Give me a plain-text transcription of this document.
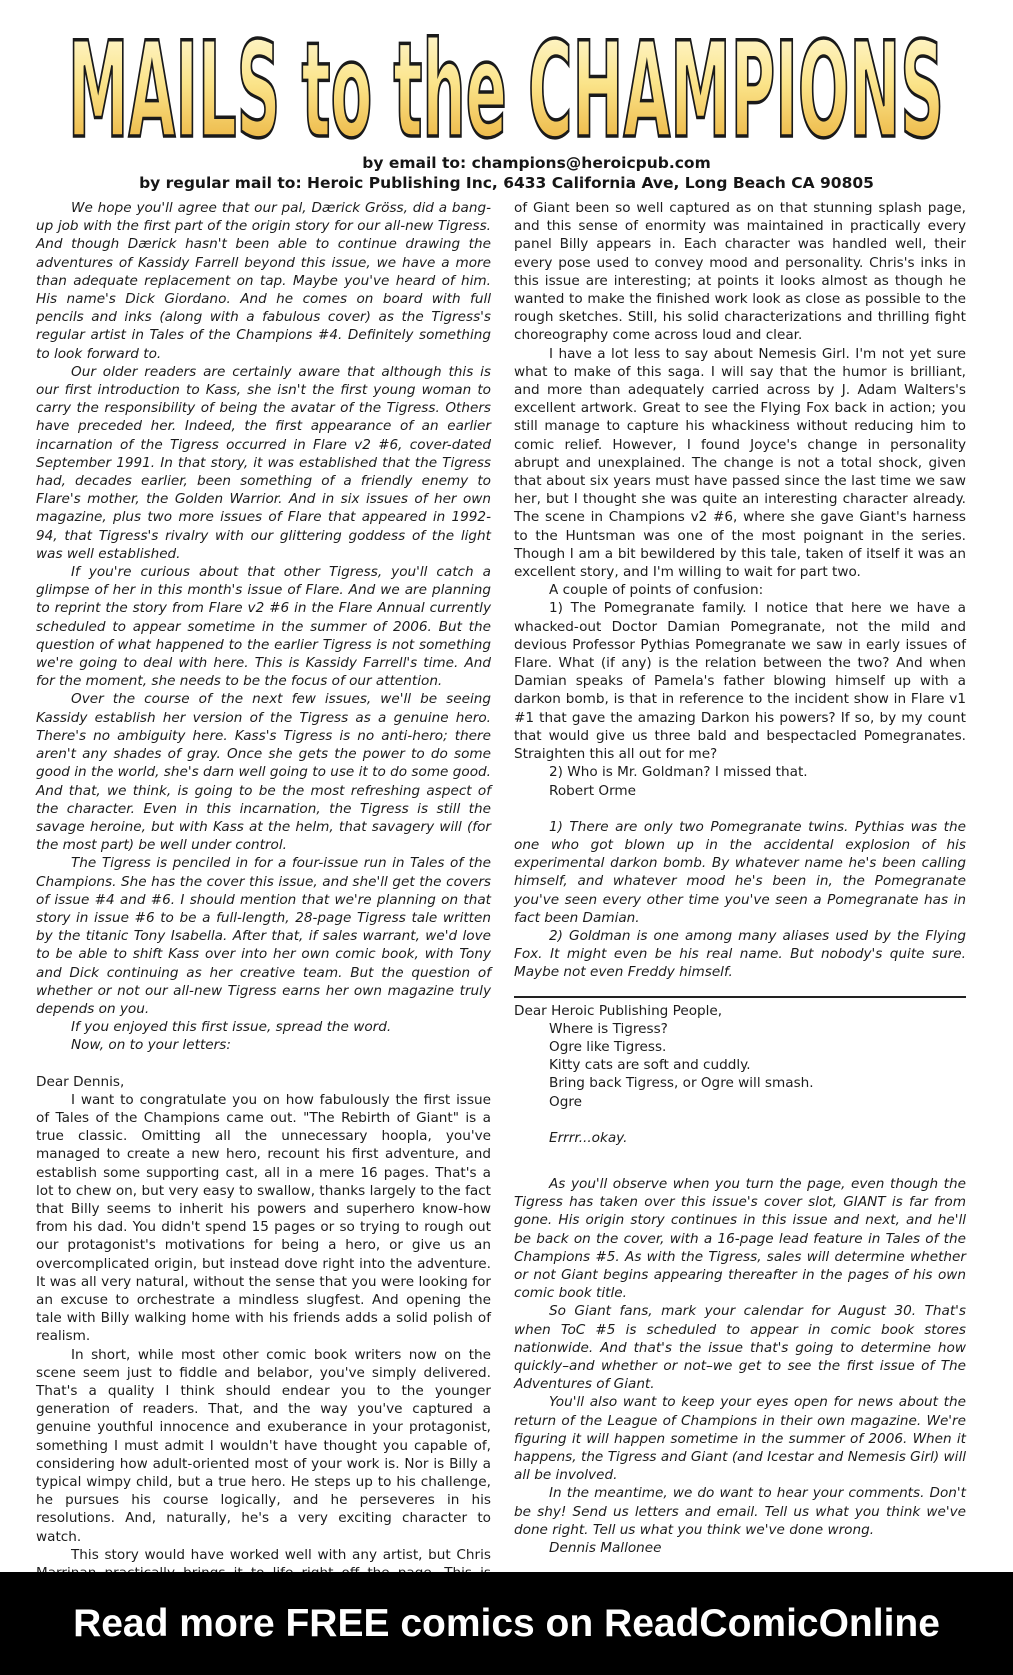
MAILS to the CHAMPIONS
by email to: champions@heroicpub.com
by regular mail to: Heroic Publishing Inc, 6433 California Ave, Long Beach CA 90805

We hope you'll agree that our pal, Dærick Gröss, did a bang-up job with the first part of the origin story for our all-new Tigress. And though Dærick hasn't been able to continue drawing the adventures of Kassidy Farrell beyond this issue, we have a more than adequate replacement on tap. Maybe you've heard of him. His name's Dick Giordano. And he comes on board with full pencils and inks (along with a fabulous cover) as the Tigress's regular artist in Tales of the Champions #4. Definitely something to look forward to.

Our older readers are certainly aware that although this is our first introduction to Kass, she isn't the first young woman to carry the responsibility of being the avatar of the Tigress. Others have preceded her. Indeed, the first appearance of an earlier incarnation of the Tigress occurred in Flare v2 #6, cover-dated September 1991. In that story, it was established that the Tigress had, decades earlier, been something of a friendly enemy to Flare's mother, the Golden Warrior. And in six issues of her own magazine, plus two more issues of Flare that appeared in 1992-94, that Tigress's rivalry with our glittering goddess of the light was well established.

If you're curious about that other Tigress, you'll catch a glimpse of her in this month's issue of Flare. And we are planning to reprint the story from Flare v2 #6 in the Flare Annual currently scheduled to appear sometime in the summer of 2006. But the question of what happened to the earlier Tigress is not something we're going to deal with here. This is Kassidy Farrell's time. And for the moment, she needs to be the focus of our attention.

Over the course of the next few issues, we'll be seeing Kassidy establish her version of the Tigress as a genuine hero. There's no ambiguity here. Kass's Tigress is no anti-hero; there aren't any shades of gray. Once she gets the power to do some good in the world, she's darn well going to use it to do some good. And that, we think, is going to be the most refreshing aspect of the character. Even in this incarnation, the Tigress is still the savage heroine, but with Kass at the helm, that savagery will (for the most part) be well under control.

The Tigress is penciled in for a four-issue run in Tales of the Champions. She has the cover this issue, and she'll get the covers of issue #4 and #6. I should mention that we're planning on that story in issue #6 to be a full-length, 28-page Tigress tale written by the titanic Tony Isabella. After that, if sales warrant, we'd love to be able to shift Kass over into her own comic book, with Tony and Dick continuing as her creative team. But the question of whether or not our all-new Tigress earns her own magazine truly depends on you.

If you enjoyed this first issue, spread the word.

Now, on to your letters:

Dear Dennis,

I want to congratulate you on how fabulously the first issue of Tales of the Champions came out. "The Rebirth of Giant" is a true classic. Omitting all the unnecessary hoopla, you've managed to create a new hero, recount his first adventure, and establish some supporting cast, all in a mere 16 pages. That's a lot to chew on, but very easy to swallow, thanks largely to the fact that Billy seems to inherit his powers and superhero know-how from his dad. You didn't spend 15 pages or so trying to rough out our protagonist's motivations for being a hero, or give us an overcomplicated origin, but instead dove right into the adventure. It was all very natural, without the sense that you were looking for an excuse to orchestrate a mindless slugfest. And opening the tale with Billy walking home with his friends adds a solid polish of realism.

In short, while most other comic book writers now on the scene seem just to fiddle and belabor, you've simply delivered. That's a quality I think should endear you to the younger generation of readers. That, and the way you've captured a genuine youthful innocence and exuberance in your protagonist, something I must admit I wouldn't have thought you capable of, considering how adult-oriented most of your work is. Nor is Billy a typical wimpy child, but a true hero. He steps up to his challenge, he pursues his course logically, and he perseveres in his resolutions. And, naturally, he's a very exciting character to watch.

This story would have worked well with any artist, but Chris

of Giant been so well captured as on that stunning splash page, and this sense of enormity was maintained in practically every panel Billy appears in. Each character was handled well, their every pose used to convey mood and personality. Chris's inks in this issue are interesting; at points it looks almost as though he wanted to make the finished work look as close as possible to the rough sketches. Still, his solid characterizations and thrilling fight choreography come across loud and clear.

I have a lot less to say about Nemesis Girl. I'm not yet sure what to make of this saga. I will say that the humor is brilliant, and more than adequately carried across by J. Adam Walters's excellent artwork. Great to see the Flying Fox back in action; you still manage to capture his whackiness without reducing him to comic relief. However, I found Joyce's change in personality abrupt and unexplained. The change is not a total shock, given that about six years must have passed since the last time we saw her, but I thought she was quite an interesting character already. The scene in Champions v2 #6, where she gave Giant's harness to the Huntsman was one of the most poignant in the series. Though I am a bit bewildered by this tale, taken of itself it was an excellent story, and I'm willing to wait for part two.

A couple of points of confusion:

1) The Pomegranate family. I notice that here we have a whacked-out Doctor Damian Pomegranate, not the mild and devious Professor Pythias Pomegranate we saw in early issues of Flare. What (if any) is the relation between the two? And when Damian speaks of Pamela's father blowing himself up with a darkon bomb, is that in reference to the incident show in Flare v1 #1 that gave the amazing Darkon his powers? If so, by my count that would give us three bald and bespectacled Pomegranates. Straighten this all out for me?

2) Who is Mr. Goldman? I missed that.

Robert Orme

1) There are only two Pomegranate twins. Pythias was the one who got blown up in the accidental explosion of his experimental darkon bomb. By whatever name he's been calling himself, and whatever mood he's been in, the Pomegranate you've seen every other time you've seen a Pomegranate has in fact been Damian.

2) Goldman is one among many aliases used by the Flying Fox. It might even be his real name. But nobody's quite sure. Maybe not even Freddy himself.

Dear Heroic Publishing People,

Where is Tigress?
Ogre like Tigress.
Kitty cats are soft and cuddly.
Bring back Tigress, or Ogre will smash.

Ogre

Errrr...okay.

As you'll observe when you turn the page, even though the Tigress has taken over this issue's cover slot, GIANT is far from gone. His origin story continues in this issue and next, and he'll be back on the cover, with a 16-page lead feature in Tales of the Champions #5. As with the Tigress, sales will determine whether or not Giant begins appearing thereafter in the pages of his own comic book title.

So Giant fans, mark your calendar for August 30. That's when ToC #5 is scheduled to appear in comic book stores nationwide. And that's the issue that's going to determine how quickly–and whether or not–we get to see the first issue of The Adventures of Giant.

You'll also want to keep your eyes open for news about the return of the League of Champions in their own magazine. We're figuring it will happen sometime in the summer of 2006. When it happens, the Tigress and Giant (and Icestar and Nemesis Girl) will all be involved.

In the meantime, we do want to hear your comments. Don't be shy! Send us letters and email. Tell us what you think we've done right. Tell us what you think we've done wrong.

Dennis Mallonee

Read more FREE comics on ReadComicOnline
